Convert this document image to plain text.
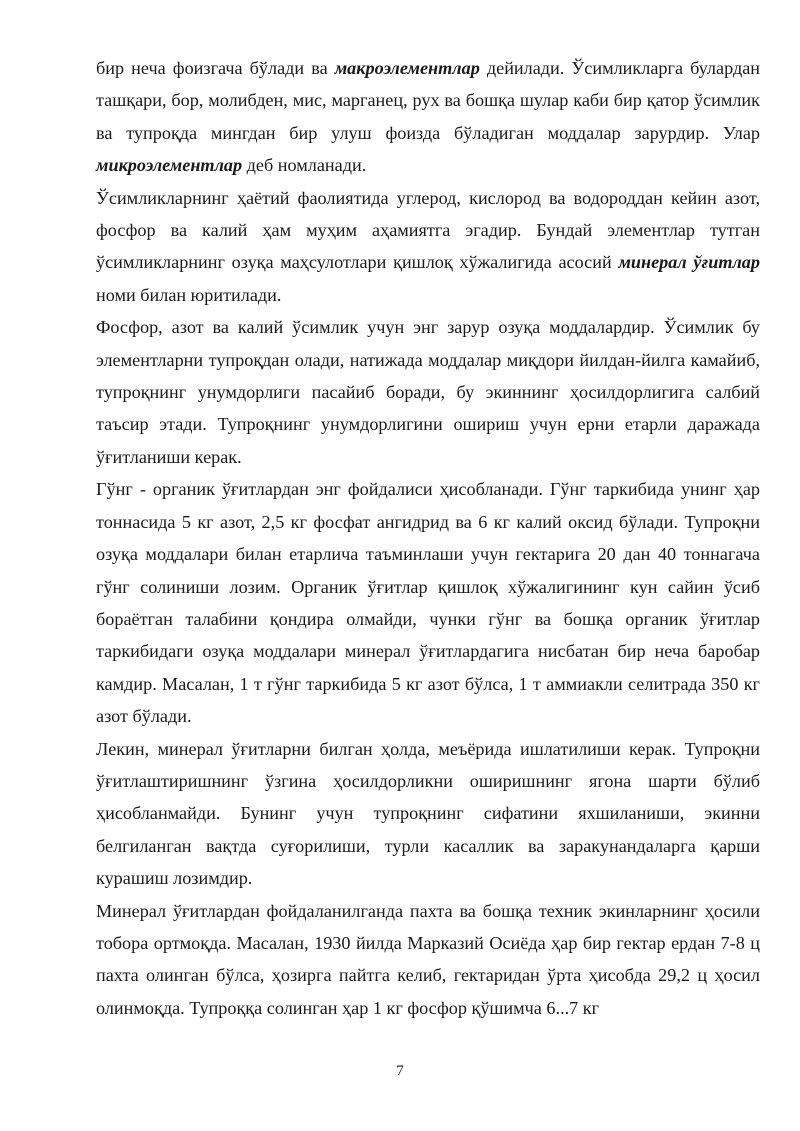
бир неча фоизгача бўлади ва макроэлементлар дейилади. Ўсимликларга булардан ташқари, бор, молибден, мис, марганец, рух ва бошқа шулар каби бир қатор ўсимлик ва тупроқда мингдан бир улуш фоизда бўладиган моддалар зарурдир. Улар микроэлементлар деб номланади.

Ўсимликларнинг ҳаётий фаолиятида углерод, кислород ва водороддан кейин азот, фосфор ва калий ҳам муҳим аҳамиятга эгадир. Бундай элементлар тутган ўсимликларнинг озуқа маҳсулотлари қишлоқ хўжалигида асосий минерал ўғитлар номи билан юритилади.

Фосфор, азот ва калий ўсимлик учун энг зарур озуқа моддалардир. Ўсимлик бу элементларни тупроқдан олади, натижада моддалар миқдори йилдан-йилга камайиб, тупроқнинг унумдорлиги пасайиб боради, бу экиннинг ҳосилдорлигига салбий таъсир этади. Тупроқнинг унумдорлигини ошириш учун ерни етарли даражада ўғитланиши керак.

Гўнг - органик ўғитлардан энг фойдалиси ҳисобланади. Гўнг таркибида унинг ҳар тоннасида 5 кг азот, 2,5 кг фосфат ангидрид ва 6 кг калий оксид бўлади. Тупроқни озуқа моддалари билан етарлича таъминлаши учун гектарига 20 дан 40 тоннагача гўнг солиниши лозим. Органик ўғитлар қишлоқ хўжалигининг кун сайин ўсиб бораётган талабини қондира олмайди, чунки гўнг ва бошқа органик ўғитлар таркибидаги озуқа моддалари минерал ўғитлардагига нисбатан бир неча баробар камдир. Масалан, 1 т гўнг таркибида 5 кг азот бўлса, 1 т аммиакли селитрада 350 кг азот бўлади.

Лекин, минерал ўғитларни билган ҳолда, меъёрида ишлатилиши керак. Тупроқни ўғитлаштиришнинг ўзгина ҳосилдорликни оширишнинг ягона шарти бўлиб ҳисобланмайди. Бунинг учун тупроқнинг сифатини яхшиланиши, экинни белгиланган вақтда суғорилиши, турли касаллик ва заракунандаларга қарши курашиш лозимдир.

Минерал ўғитлардан фойдаланилганда пахта ва бошқа техник экинларнинг ҳосили тобора ортмоқда. Масалан, 1930 йилда Марказий Осиёда ҳар бир гектар ердан 7-8 ц пахта олинган бўлса, ҳозирга пайтга келиб, гектаридан ўрта ҳисобда 29,2 ц ҳосил олинмоқда. Тупроққа солинган ҳар 1 кг фосфор қўшимча 6...7 кг

7
